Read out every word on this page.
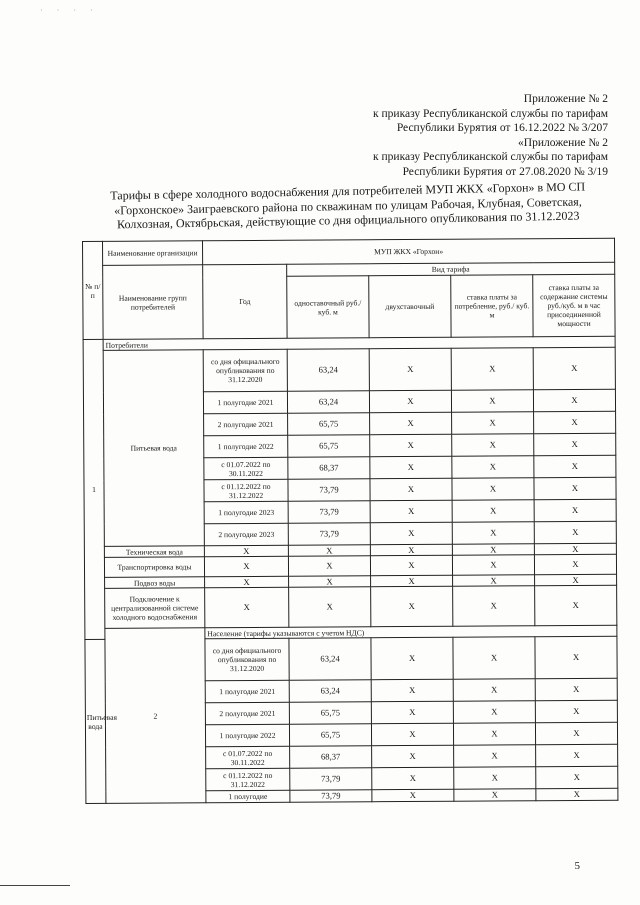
· · · ·
Приложение № 2
к приказу Республиканской службы по тарифам
Республики Бурятия от 16.12.2022 № 3/207
«Приложение № 2
к приказу Республиканской службы по тарифам
Республики Бурятия от 27.08.2020 № 3/19
Тарифы в сфере холодного водоснабжения для потребителей МУП ЖКХ «Горхон» в МО СП «Горхонское» Заиграевского района по скважинам по улицам Рабочая, Клубная, Советская, Колхозная, Октябрьская, действующие со дня официального опубликования по 31.12.2023
№ п/п	Наименование организации	МУП ЖКХ «Горхон»				
	Наименование групп потребителей	Год	Вид тарифа			
			одноставочный руб./ куб. м	двухставочный	ставка платы за потребление, руб./ куб. м	ставка платы за содержание системы руб./куб. м в час присоединенной мощности
1	Потребители					
	Питьевая вода	со дня официального опубликования по 31.12.2020	63,24	X	X	X
		1 полугодие 2021	63,24	X	X	X
		2 полугодие 2021	65,75	X	X	X
		1 полугодие 2022	65,75	X	X	X
		с 01.07.2022 по 30.11.2022	68,37	X	X	X
		с 01.12.2022 по 31.12.2022	73,79	X	X	X
		1 полугодие 2023	73,79	X	X	X
		2 полугодие 2023	73,79	X	X	X
	Техническая вода	X	X	X	X	X
	Транспортировка воды	X	X	X	X	X
	Подвоз воды	X	X	X	X	X
	Подключение к централизованной системе холодного водоснабжения	X	X	X	X	X
	2	Население (тарифы указываются с учетом НДС)				
Питьевая вода		со дня официального опубликования по 31.12.2020	63,24	X	X	X
		1 полугодие 2021	63,24	X	X	X
		2 полугодие 2021	65,75	X	X	X
		1 полугодие 2022	65,75	X	X	X
		с 01.07.2022 по 30.11.2022	68,37	X	X	X
		с 01.12.2022 по 31.12.2022	73,79	X	X	X
		1 полугодие	73,79	X	X	X
5
